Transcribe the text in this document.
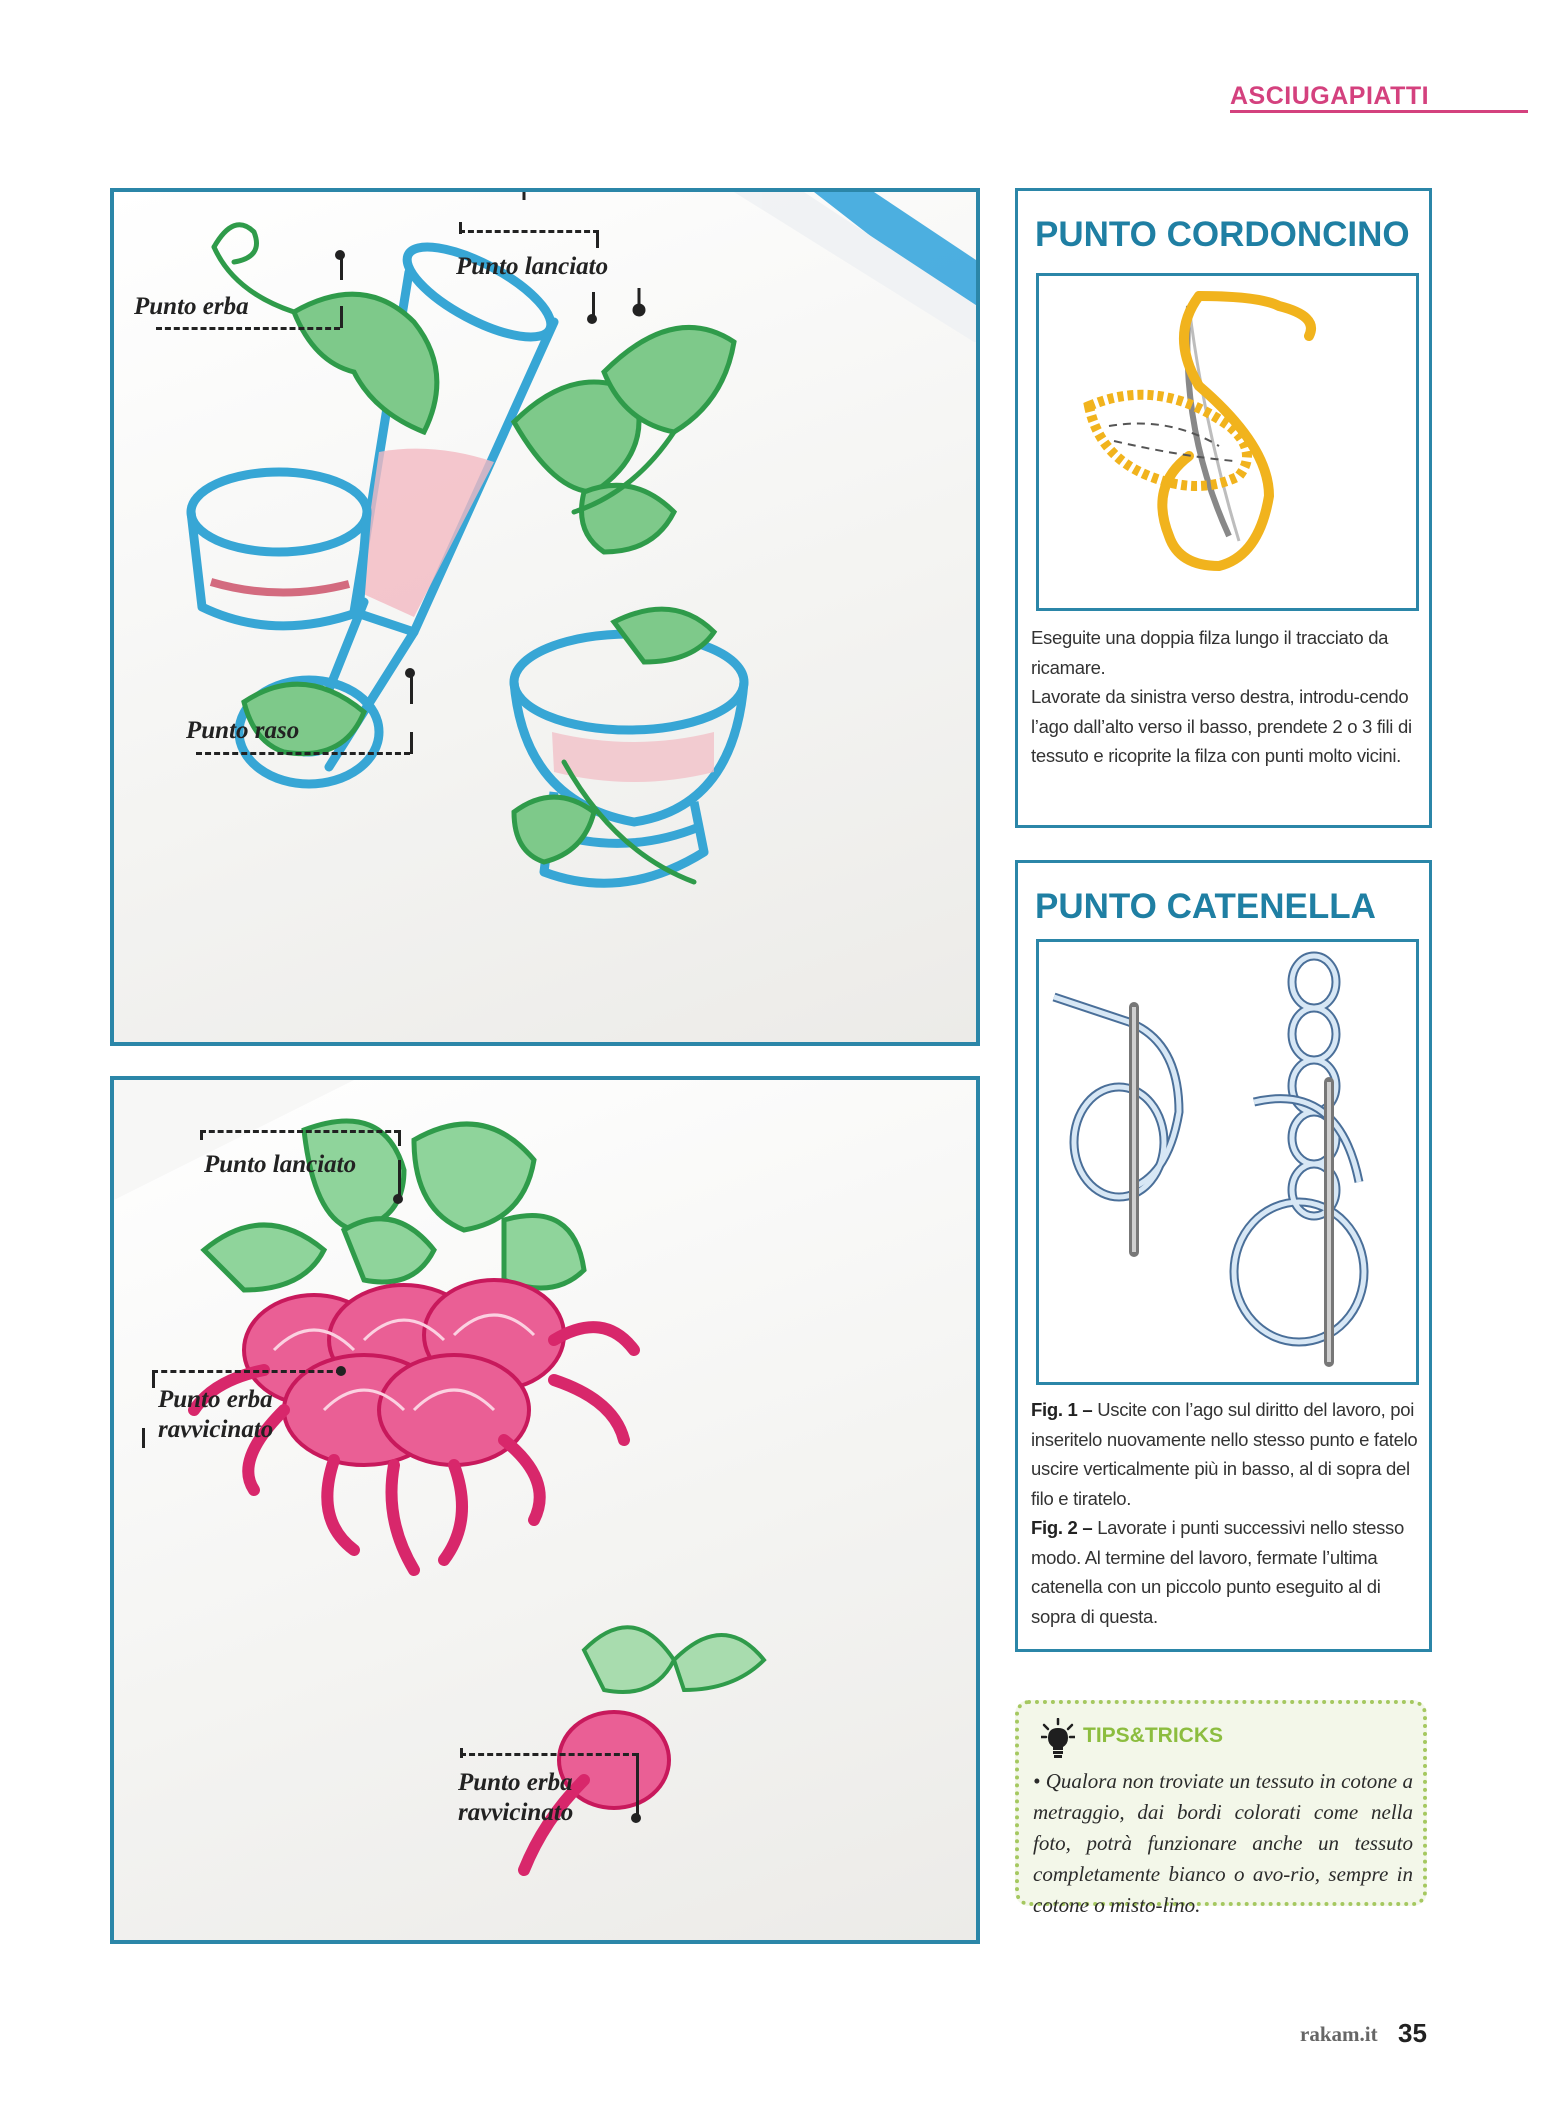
ASCIUGAPIATTI
Punto lanciato
Punto erba
Punto raso
Punto lanciato
Punto erba
ravvicinato
Punto erba
ravvicinato
PUNTO CORDONCINO

Eseguite una doppia filza lungo il tracciato da ricamare.

Lavorate da sinistra verso destra, introdu-cendo l’ago dall’alto verso il basso, prendete 2 o 3 fili di tessuto e ricoprite la filza con punti molto vicini.

PUNTO CATENELLA

Fig. 1 – Uscite con l’ago sul diritto del lavoro, poi inseritelo nuovamente nello stesso punto e fatelo uscire verticalmente più in basso, al di sopra del filo e tiratelo.

Fig. 2 – Lavorate i punti successivi nello stesso modo. Al termine del lavoro, fermate l’ultima catenella con un piccolo punto eseguito al di sopra di questa.

TIPS&TRICKS
• Qualora non troviate un tessuto in cotone a metraggio, dai bordi colorati come nella foto, potrà funzionare anche un tessuto completamente bianco o avo-rio, sempre in cotone o misto-lino.
rakam.it 35
